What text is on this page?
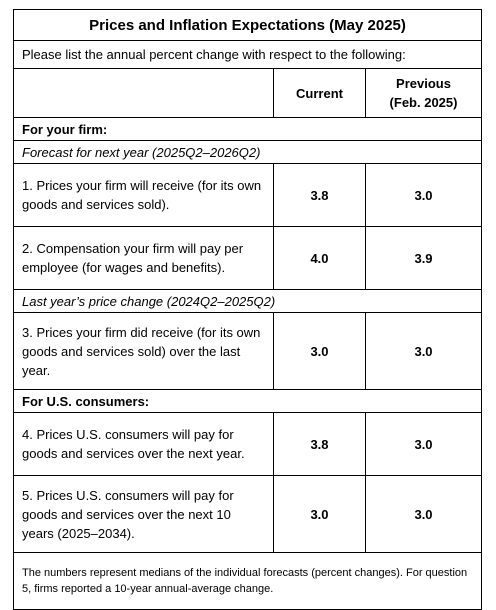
Prices and Inflation Expectations (May 2025)		
Please list the annual percent change with respect to the following:		
	Current	Previous
(Feb. 2025)
For your firm:		
Forecast for next year (2025Q2–2026Q2)		
1. Prices your firm will receive (for its own goods and services sold).	3.8	3.0
2. Compensation your firm will pay per employee (for wages and benefits).	4.0	3.9
Last year’s price change (2024Q2–2025Q2)		
3. Prices your firm did receive (for its own goods and services sold) over the last year.	3.0	3.0
For U.S. consumers:		
4. Prices U.S. consumers will pay for goods and services over the next year.	3.8	3.0
5. Prices U.S. consumers will pay for goods and services over the next 10 years (2025–2034).	3.0	3.0

The numbers represent medians of the individual forecasts (percent changes). For question 5, firms reported a 10-year annual-average change.		
